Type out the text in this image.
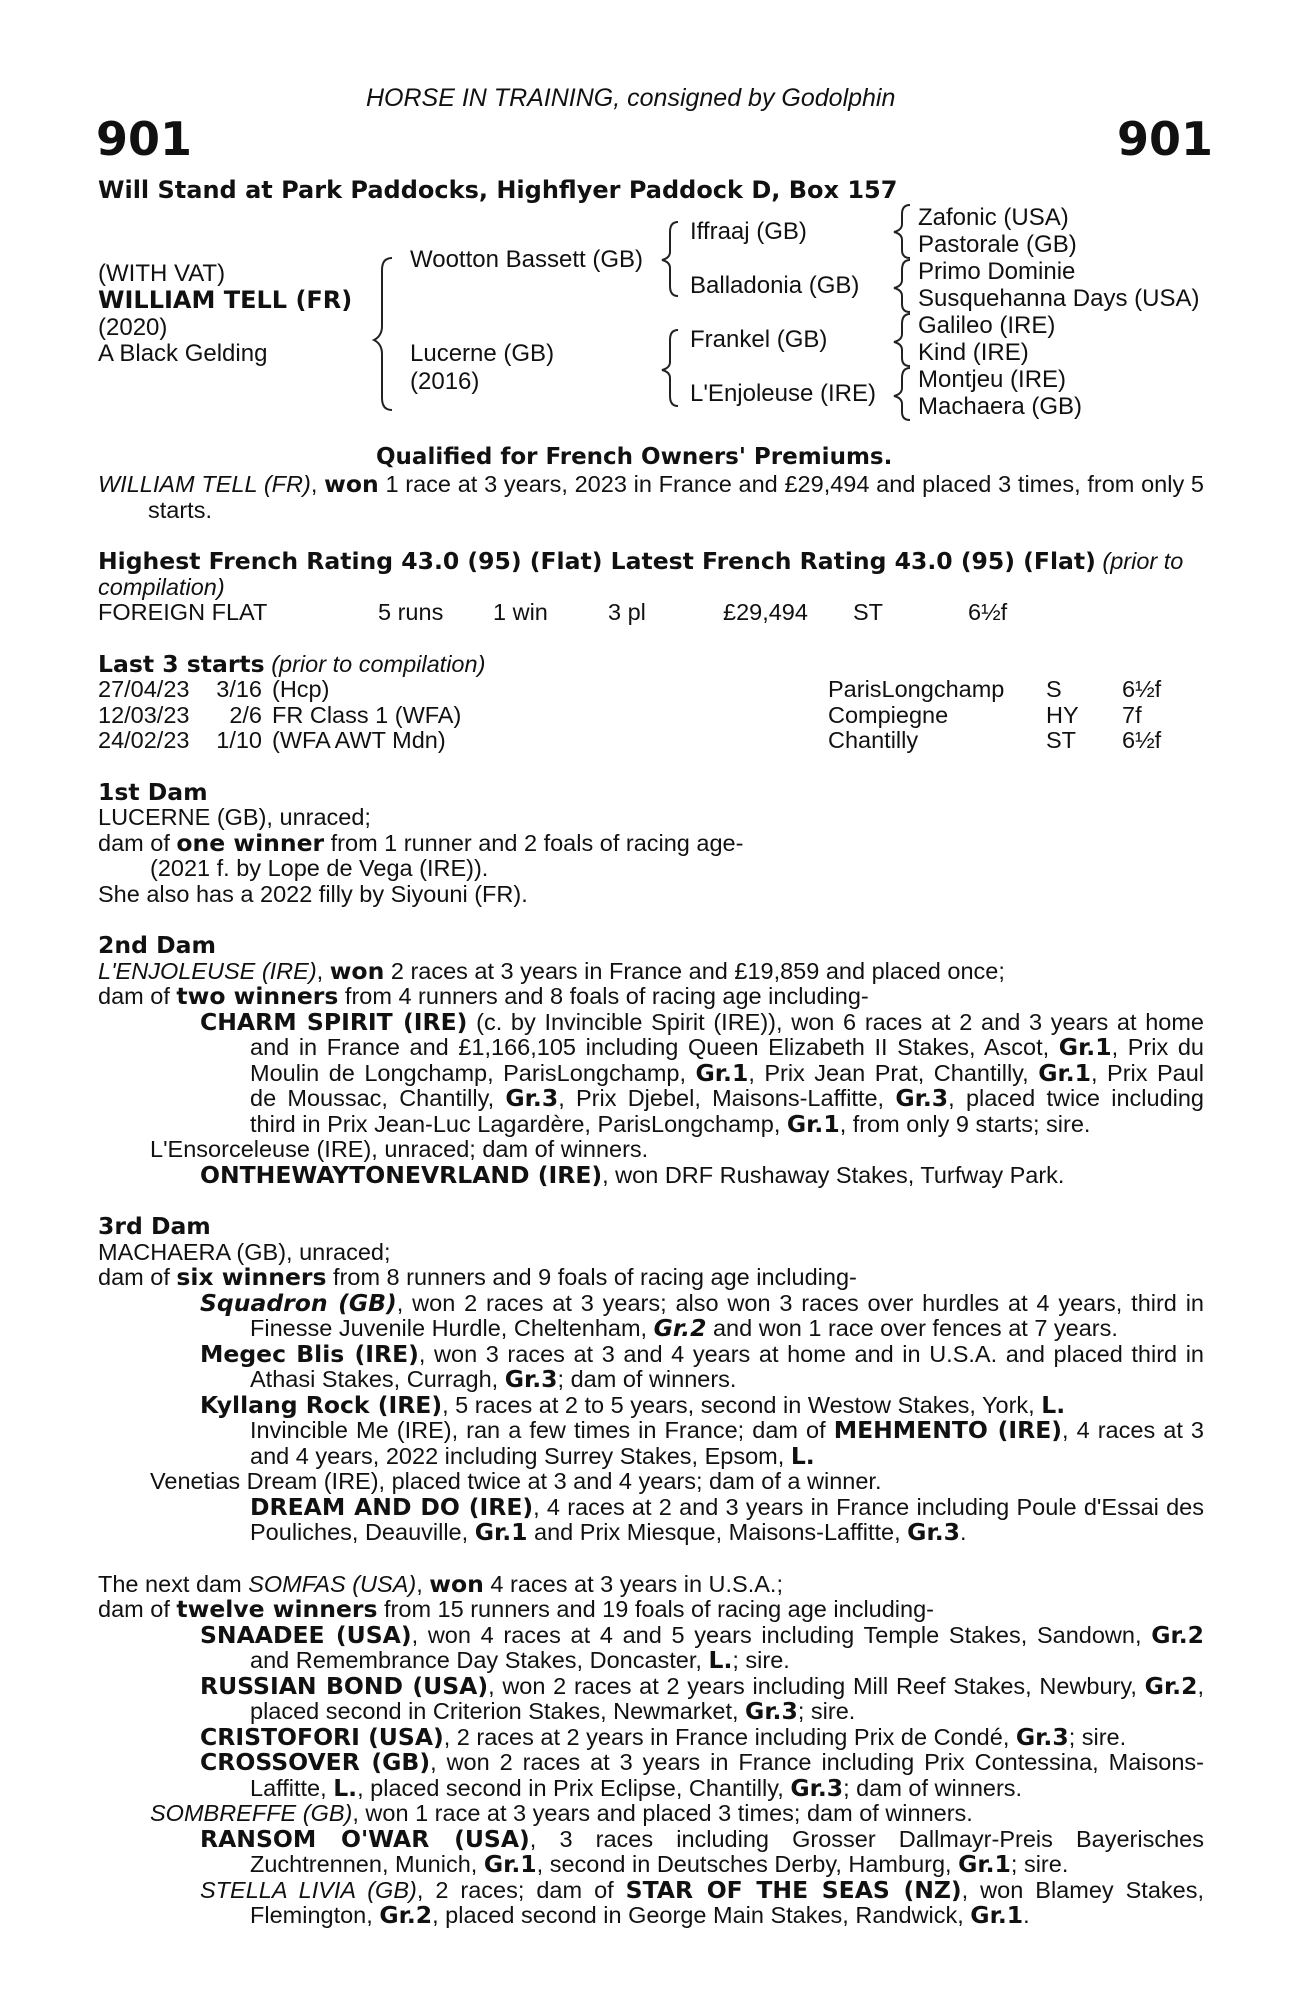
HORSE IN TRAINING, consigned by Godolphin
901	901
Will Stand at Park Paddocks, Highflyer Paddock D, Box 157
(WITH VAT)
WILLIAM TELL (FR)
(2020)
A Black Gelding
Wootton Bassett (GB)
Lucerne (GB)
(2016)
Iffraaj (GB)
Balladonia (GB)
Frankel (GB)
L'Enjoleuse (IRE)
Zafonic (USA)
Pastorale (GB)
Primo Dominie
Susquehanna Days (USA)
Galileo (IRE)
Kind (IRE)
Montjeu (IRE)
Machaera (GB)
Qualified for French Owners' Premiums.

WILLIAM TELL (FR), won 1 race at 3 years, 2023 in France and £29,494 and placed 3 times, from only 5 starts.

Highest French Rating 43.0 (95) (Flat) Latest French Rating 43.0 (95) (Flat) (prior to compilation)

FOREIGN FLAT	5 runs	1 win	3 pl	£29,494	ST	6½f

Last 3 starts (prior to compilation)

27/04/23	3/16 (Hcp)	ParisLongchamp	S	6½f
12/03/23	2/6 FR Class 1 (WFA)	Compiegne	HY	7f
24/02/23	1/10 (WFA AWT Mdn)	Chantilly	ST	6½f

1st Dam

LUCERNE (GB), unraced;

dam of one winner from 1 runner and 2 foals of racing age-

(2021 f. by Lope de Vega (IRE)).

She also has a 2022 filly by Siyouni (FR).

2nd Dam

L'ENJOLEUSE (IRE), won 2 races at 3 years in France and £19,859 and placed once;

dam of two winners from 4 runners and 8 foals of racing age including-

CHARM SPIRIT (IRE) (c. by Invincible Spirit (IRE)), won 6 races at 2 and 3 years at home and in France and £1,166,105 including Queen Elizabeth II Stakes, Ascot, Gr.1, Prix du Moulin de Longchamp, ParisLongchamp, Gr.1, Prix Jean Prat, Chantilly, Gr.1, Prix Paul de Moussac, Chantilly, Gr.3, Prix Djebel, Maisons-Laffitte, Gr.3, placed twice including third in Prix Jean-Luc Lagardère, ParisLongchamp, Gr.1, from only 9 starts; sire.

L'Ensorceleuse (IRE), unraced; dam of winners.

ONTHEWAYTONEVRLAND (IRE), won DRF Rushaway Stakes, Turfway Park.

3rd Dam

MACHAERA (GB), unraced;

dam of six winners from 8 runners and 9 foals of racing age including-

Squadron (GB), won 2 races at 3 years; also won 3 races over hurdles at 4 years, third in Finesse Juvenile Hurdle, Cheltenham, Gr.2 and won 1 race over fences at 7 years.

Megec Blis (IRE), won 3 races at 3 and 4 years at home and in U.S.A. and placed third in Athasi Stakes, Curragh, Gr.3; dam of winners.

Kyllang Rock (IRE), 5 races at 2 to 5 years, second in Westow Stakes, York, L.

Invincible Me (IRE), ran a few times in France; dam of MEHMENTO (IRE), 4 races at 3 and 4 years, 2022 including Surrey Stakes, Epsom, L.

Venetias Dream (IRE), placed twice at 3 and 4 years; dam of a winner.

DREAM AND DO (IRE), 4 races at 2 and 3 years in France including Poule d'Essai des Pouliches, Deauville, Gr.1 and Prix Miesque, Maisons-Laffitte, Gr.3.

The next dam SOMFAS (USA), won 4 races at 3 years in U.S.A.;

dam of twelve winners from 15 runners and 19 foals of racing age including-

SNAADEE (USA), won 4 races at 4 and 5 years including Temple Stakes, Sandown, Gr.2 and Remembrance Day Stakes, Doncaster, L.; sire.

RUSSIAN BOND (USA), won 2 races at 2 years including Mill Reef Stakes, Newbury, Gr.2, placed second in Criterion Stakes, Newmarket, Gr.3; sire.

CRISTOFORI (USA), 2 races at 2 years in France including Prix de Condé, Gr.3; sire.

CROSSOVER (GB), won 2 races at 3 years in France including Prix Contessina, Maisons-Laffitte, L., placed second in Prix Eclipse, Chantilly, Gr.3; dam of winners.

SOMBREFFE (GB), won 1 race at 3 years and placed 3 times; dam of winners.

RANSOM O'WAR (USA), 3 races including Grosser Dallmayr-Preis Bayerisches Zuchtrennen, Munich, Gr.1, second in Deutsches Derby, Hamburg, Gr.1; sire.

STELLA LIVIA (GB), 2 races; dam of STAR OF THE SEAS (NZ), won Blamey Stakes, Flemington, Gr.2, placed second in George Main Stakes, Randwick, Gr.1.
